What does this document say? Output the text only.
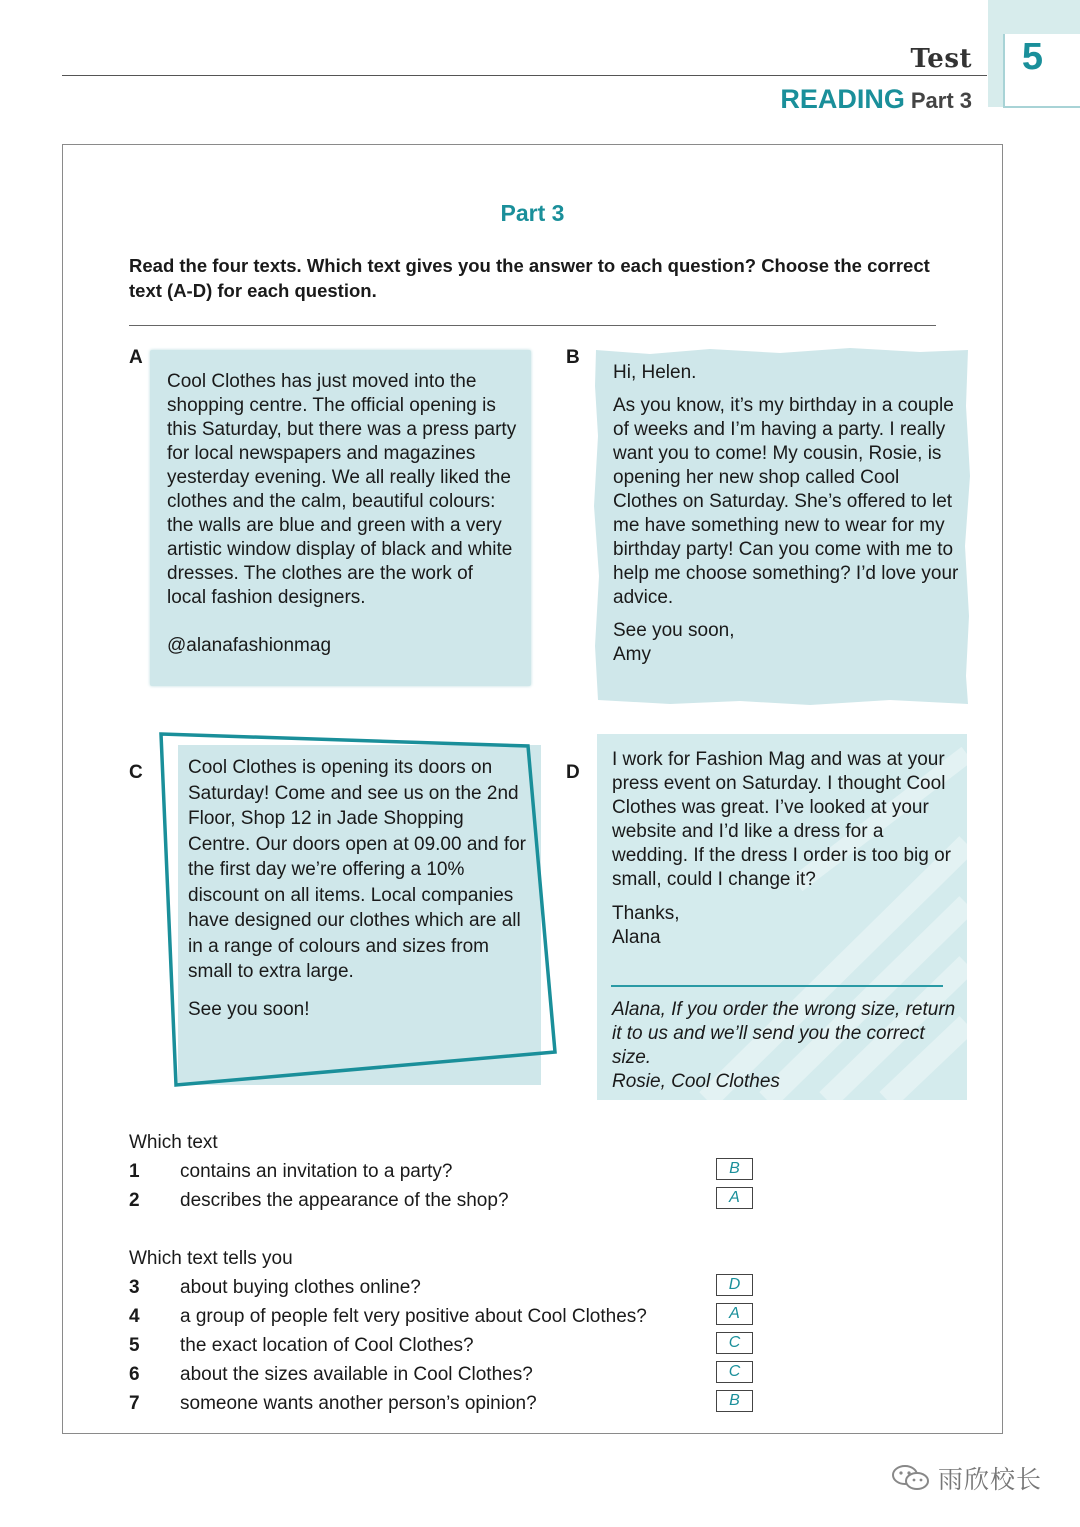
Test	5
READING Part 3
Part 3
Read the four texts. Which text gives you the answer to each question? Choose the correct text (A-D) for each question.
A

Cool Clothes has just moved into the shopping centre. The official opening is this Saturday, but there was a press party for local newspapers and magazines yesterday evening. We all really liked the clothes and the calm, beautiful colours: the walls are blue and green with a very artistic window display of black and white dresses. The clothes are the work of local fashion designers.

@alanafashionmag

B

Hi, Helen.

As you know, it’s my birthday in a couple of weeks and I’m having a party. I really want you to come! My cousin, Rosie, is opening her new shop called Cool Clothes on Saturday. She’s offered to let me have something new to wear for my birthday party! Can you come with me to help me choose something? I’d love your advice.

See you soon,

Amy

C Cool Clothes is opening its doors on Saturday! Come and see us on the 2nd Floor, Shop 12 in Jade Shopping Centre. Our doors open at 09.00 and for the first day we’re offering a 10% discount on all items. Local companies have designed our clothes which are all in a range of colours and sizes from small to extra large.

See you soon!

D

I work for Fashion Mag and was at your press event on Saturday. I thought Cool Clothes was great. I’ve looked at your website and I’d like a dress for a wedding. If the dress I order is too big or small, could I change it?

Thanks,

Alana

Alana, If you order the wrong size, return it to us and we’ll send you the correct size.

Rosie, Cool Clothes

Which text
1 contains an invitation to a party?	B
2 describes the appearance of the shop?	A
Which text tells you
3 about buying clothes online?	D
4 a group of people felt very positive about Cool Clothes?	A
5 the exact location of Cool Clothes?	C
6 about the sizes available in Cool Clothes?	C
7 someone wants another person’s opinion?	B
雨欣校长
